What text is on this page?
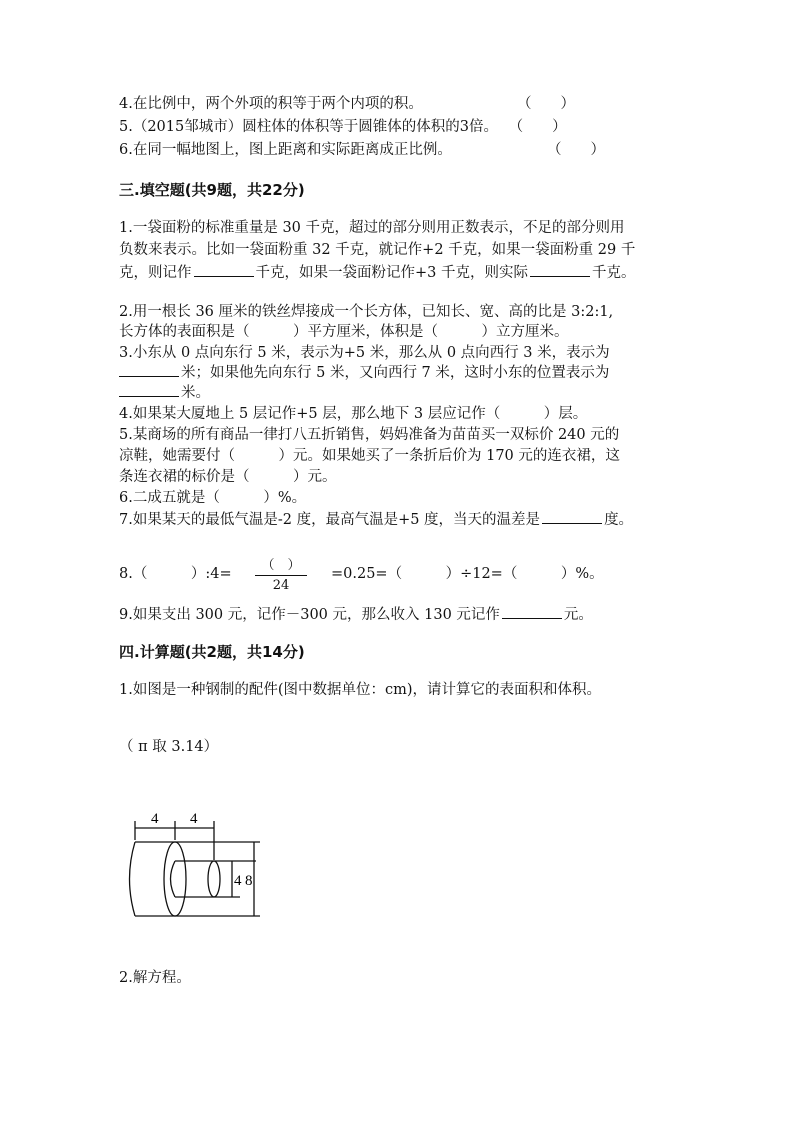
4.在比例中，两个外项的积等于两个内项的积。	（　　）
5.（2015邹城市）圆柱体的体积等于圆锥体的体积的3倍。 （　　）
6.在同一幅地图上，图上距离和实际距离成正比例。	（　　）
三.填空题(共9题，共22分)
1.一袋面粉的标准重量是 30 千克，超过的部分则用正数表示，不足的部分则用
负数来表示。比如一袋面粉重 32 千克，就记作+2 千克，如果一袋面粉重 29 千
克，则记作	千克，如果一袋面粉记作+3 千克，则实际	千克。
2.用一根长 36 厘米的铁丝焊接成一个长方体，已知长、宽、高的比是 3:2:1,
长方体的表面积是（　　　）平方厘米，体积是（　　　）立方厘米。
3.小东从 0 点向东行 5 米，表示为+5 米，那么从 0 点向西行 3 米，表示为
米；如果他先向东行 5 米，又向西行 7 米，这时小东的位置表示为
米。
4.如果某大厦地上 5 层记作+5 层，那么地下 3 层应记作（　　　）层。
5.某商场的所有商品一律打八五折销售，妈妈准备为苗苗买一双标价 240 元的
凉鞋，她需要付（　　　）元。如果她买了一条折后价为 170 元的连衣裙，这
条连衣裙的标价是（　　　）元。
6.二成五就是（　　　）%。
7.如果某天的最低气温是-2 度，最高气温是+5 度，当天的温差是	度。
8.（　　　）:4=
（　）
24
=0.25=（　　　）÷12=（　　　）%。
9.如果支出 300 元，记作－300 元，那么收入 130 元记作	元。
四.计算题(共2题，共14分)
1.如图是一种钢制的配件(图中数据单位：cm)，请计算它的表面积和体积。
（ π 取 3.14）
4 4
4 8
2.解方程。
